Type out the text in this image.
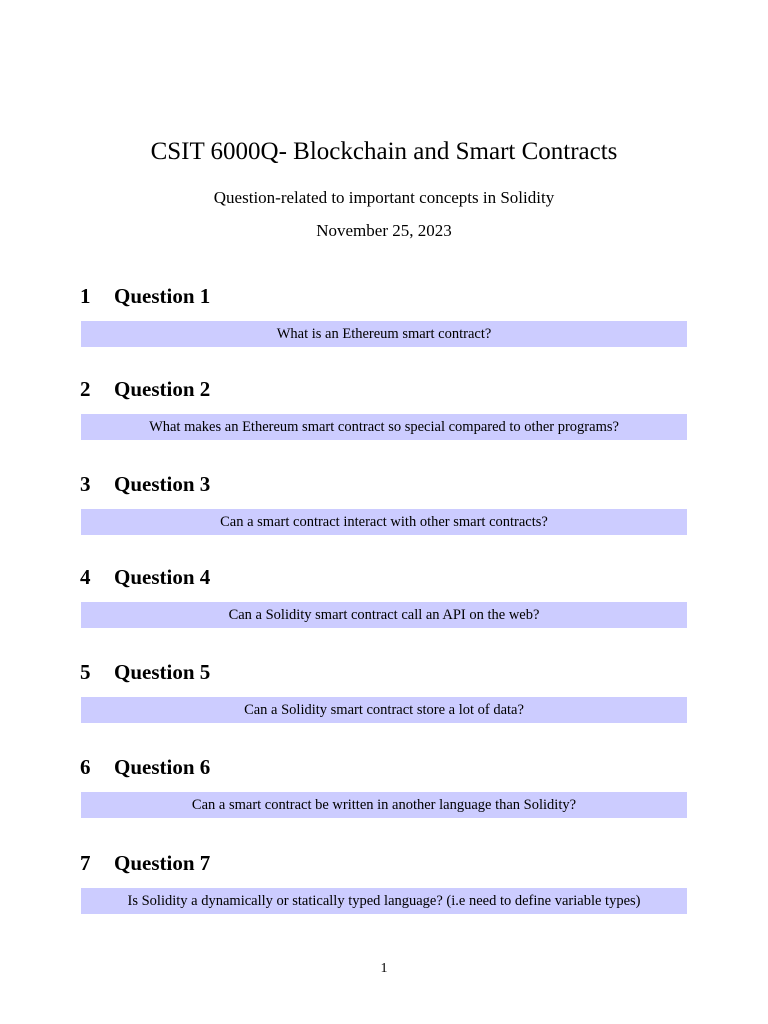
CSIT 6000Q- Blockchain and Smart Contracts
Question-related to important concepts in Solidity
November 25, 2023
1 Question 1
What is an Ethereum smart contract?
2 Question 2
What makes an Ethereum smart contract so special compared to other programs?
3 Question 3
Can a smart contract interact with other smart contracts?
4 Question 4
Can a Solidity smart contract call an API on the web?
5 Question 5
Can a Solidity smart contract store a lot of data?
6 Question 6
Can a smart contract be written in another language than Solidity?
7 Question 7
Is Solidity a dynamically or statically typed language? (i.e need to define variable types)
1
